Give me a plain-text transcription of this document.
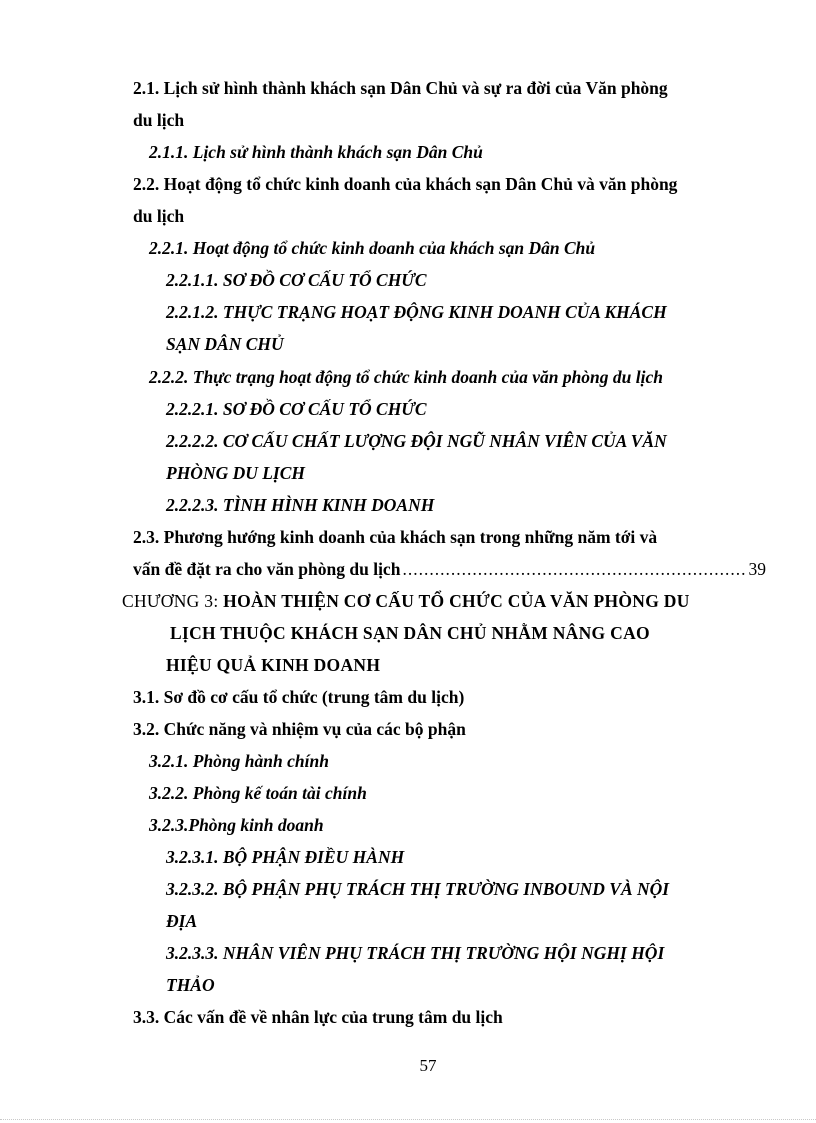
2.1. Lịch sử hình thành khách sạn Dân Chủ và sự ra đời của Văn phòng
du lịch
2.1.1. Lịch sử hình thành khách sạn Dân Chủ
2.2. Hoạt động tổ chức kinh doanh của khách sạn Dân Chủ và văn phòng
du lịch
2.2.1. Hoạt động tổ chức kinh doanh của khách sạn Dân Chủ
2.2.1.1. SƠ ĐỒ CƠ CẤU TỔ CHỨC
2.2.1.2. THỰC TRẠNG HOẠT ĐỘNG KINH DOANH CỦA KHÁCH
SẠN DÂN CHỦ
2.2.2. Thực trạng hoạt động tổ chức kinh doanh của văn phòng du lịch
2.2.2.1. SƠ ĐỒ CƠ CẤU TỔ CHỨC
2.2.2.2. CƠ CẤU CHẤT LƯỢNG ĐỘI NGŨ NHÂN VIÊN CỦA VĂN
PHÒNG DU LỊCH
2.2.2.3. TÌNH HÌNH KINH DOANH
2.3. Phương hướng kinh doanh của khách sạn trong những năm tới và
vấn đề đặt ra cho văn phòng du lịch
.....	39
CHƯƠNG 3: HOÀN THIỆN CƠ CẤU TỔ CHỨC CỦA VĂN PHÒNG DU
LỊCH THUỘC KHÁCH SẠN DÂN CHỦ NHẰM NÂNG CAO
HIỆU QUẢ KINH DOANH
3.1. Sơ đồ cơ cấu tổ chức (trung tâm du lịch)
3.2. Chức năng và nhiệm vụ của các bộ phận
3.2.1. Phòng hành chính
3.2.2. Phòng kế toán tài chính
3.2.3.Phòng kinh doanh
3.2.3.1. BỘ PHẬN ĐIỀU HÀNH
3.2.3.2. BỘ PHẬN PHỤ TRÁCH THỊ TRƯỜNG INBOUND VÀ NỘI
ĐỊA
3.2.3.3. NHÂN VIÊN PHỤ TRÁCH THỊ TRƯỜNG HỘI NGHỊ HỘI
THẢO
3.3. Các vấn đề về nhân lực của trung tâm du lịch
57
